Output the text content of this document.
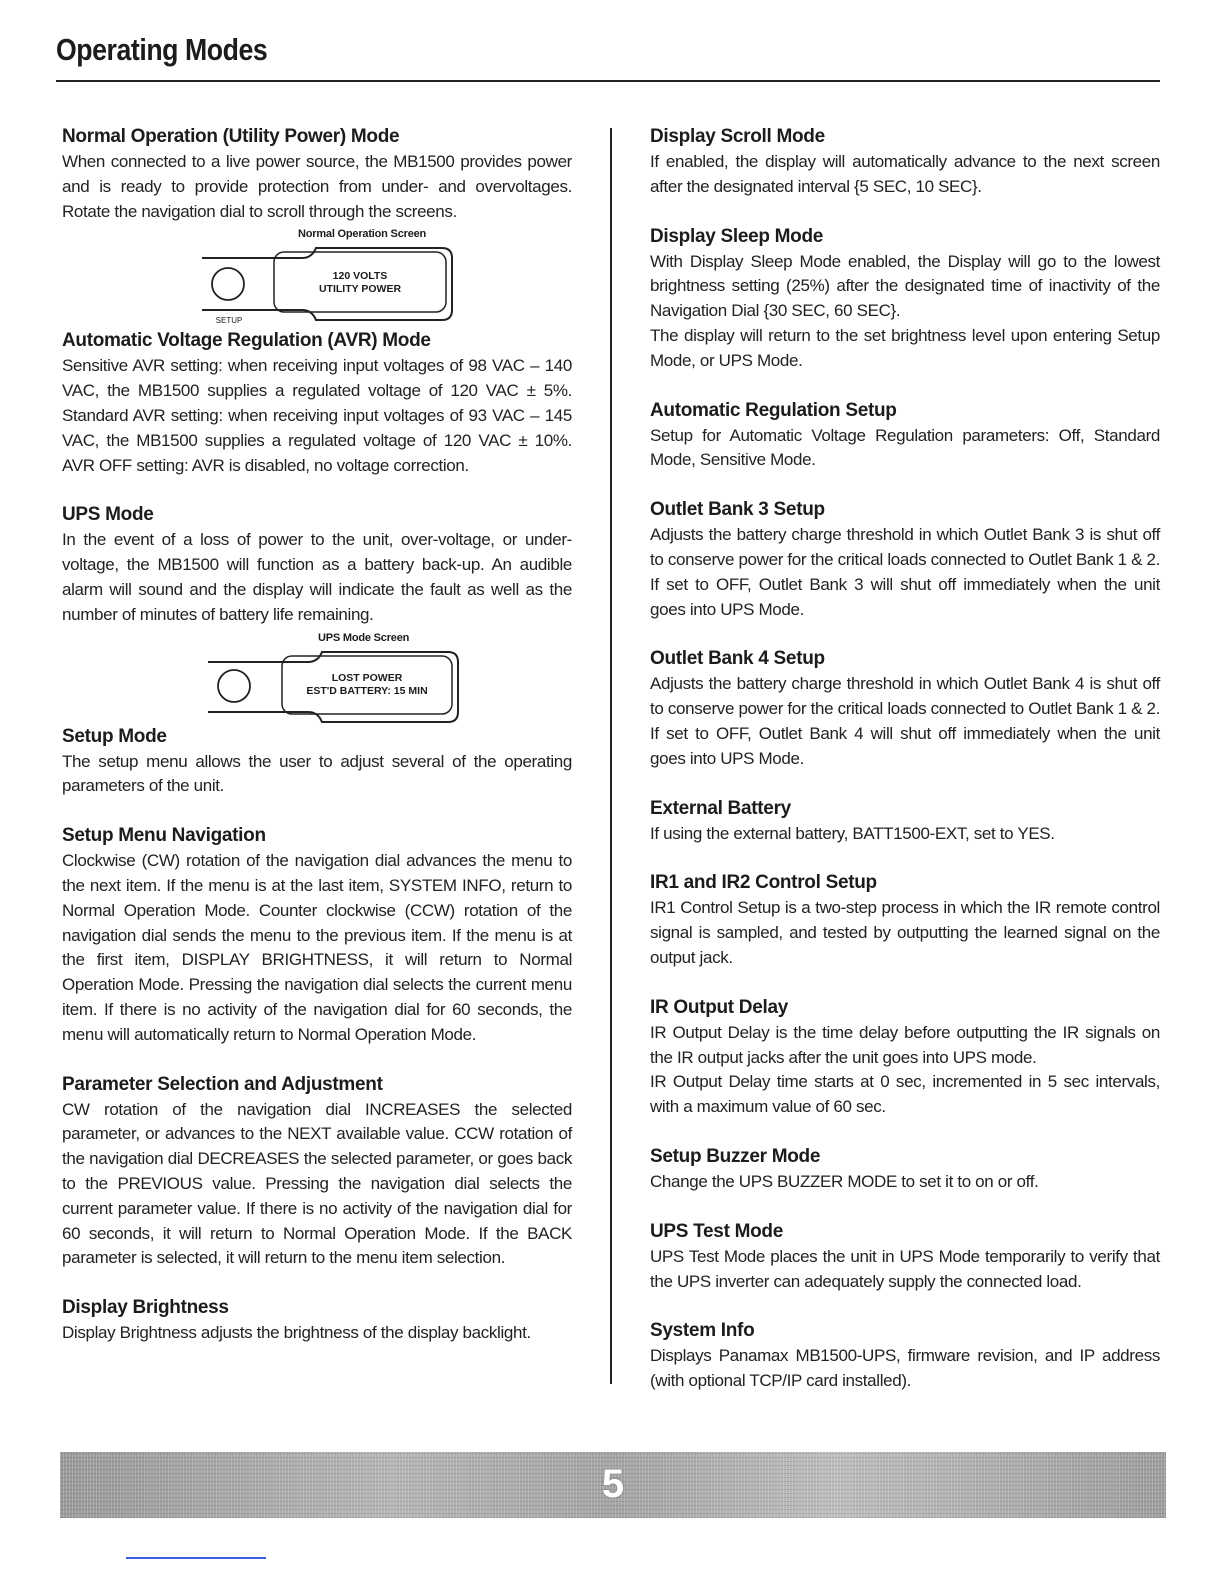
Operating Modes
Normal Operation (Utility Power) Mode

When connected to a live power source, the MB1500 provides power and is ready to provide protection from under- and overvoltages. Rotate the navigation dial to scroll through the screens.

Normal Operation Screen
120 VOLTS
UTILITY POWER
SETUP
Automatic Voltage Regulation (AVR) Mode

Sensitive AVR setting: when receiving input voltages of 98 VAC – 140 VAC, the MB1500 supplies a regulated voltage of 120 VAC ± 5%. Standard AVR setting: when receiving input voltages of 93 VAC – 145 VAC, the MB1500 supplies a regulated voltage of 120 VAC ± 10%. AVR OFF setting: AVR is disabled, no voltage correction.

UPS Mode

In the event of a loss of power to the unit, over-voltage, or under-voltage, the MB1500 will function as a battery back-up. An audible alarm will sound and the display will indicate the fault as well as the number of minutes of battery life remaining.

UPS Mode Screen
LOST POWER
EST'D BATTERY: 15 MIN
Setup Mode

The setup menu allows the user to adjust several of the operating parameters of the unit.

Setup Menu Navigation

Clockwise (CW) rotation of the navigation dial advances the menu to the next item. If the menu is at the last item, SYSTEM INFO, return to Normal Operation Mode. Counter clockwise (CCW) rotation of the navigation dial sends the menu to the previous item. If the menu is at the first item, DISPLAY BRIGHTNESS, it will return to Normal Operation Mode. Pressing the navigation dial selects the current menu item. If there is no activity of the navigation dial for 60 seconds, the menu will automatically return to Normal Operation Mode.

Parameter Selection and Adjustment

CW rotation of the navigation dial INCREASES the selected parameter, or advances to the NEXT available value. CCW rotation of the navigation dial DECREASES the selected parameter, or goes back to the PREVIOUS value. Pressing the navigation dial selects the current parameter value. If there is no activity of the navigation dial for 60 seconds, it will return to Normal Operation Mode. If the BACK parameter is selected, it will return to the menu item selection.

Display Brightness

Display Brightness adjusts the brightness of the display backlight.

Display Scroll Mode

If enabled, the display will automatically advance to the next screen after the designated interval {5 SEC, 10 SEC}.

Display Sleep Mode

With Display Sleep Mode enabled, the Display will go to the lowest brightness setting (25%) after the designated time of inactivity of the Navigation Dial {30 SEC, 60 SEC}.

The display will return to the set brightness level upon entering Setup Mode, or UPS Mode.

Automatic Regulation Setup

Setup for Automatic Voltage Regulation parameters: Off, Standard Mode, Sensitive Mode.

Outlet Bank 3 Setup

Adjusts the battery charge threshold in which Outlet Bank 3 is shut off to conserve power for the critical loads connected to Outlet Bank 1 & 2. If set to OFF, Outlet Bank 3 will shut off immediately when the unit goes into UPS Mode.

Outlet Bank 4 Setup

Adjusts the battery charge threshold in which Outlet Bank 4 is shut off to conserve power for the critical loads connected to Outlet Bank 1 & 2. If set to OFF, Outlet Bank 4 will shut off immediately when the unit goes into UPS Mode.

External Battery

If using the external battery, BATT1500-EXT, set to YES.

IR1 and IR2 Control Setup

IR1 Control Setup is a two-step process in which the IR remote control signal is sampled, and tested by outputting the learned signal on the output jack.

IR Output Delay

IR Output Delay is the time delay before outputting the IR signals on the IR output jacks after the unit goes into UPS mode.

IR Output Delay time starts at 0 sec, incremented in 5 sec intervals, with a maximum value of 60 sec.

Setup Buzzer Mode

Change the UPS BUZZER MODE to set it to on or off.

UPS Test Mode

UPS Test Mode places the unit in UPS Mode temporarily to verify that the UPS inverter can adequately supply the connected load.

System Info

Displays Panamax MB1500-UPS, firmware revision, and IP address (with optional TCP/IP card installed).

5
